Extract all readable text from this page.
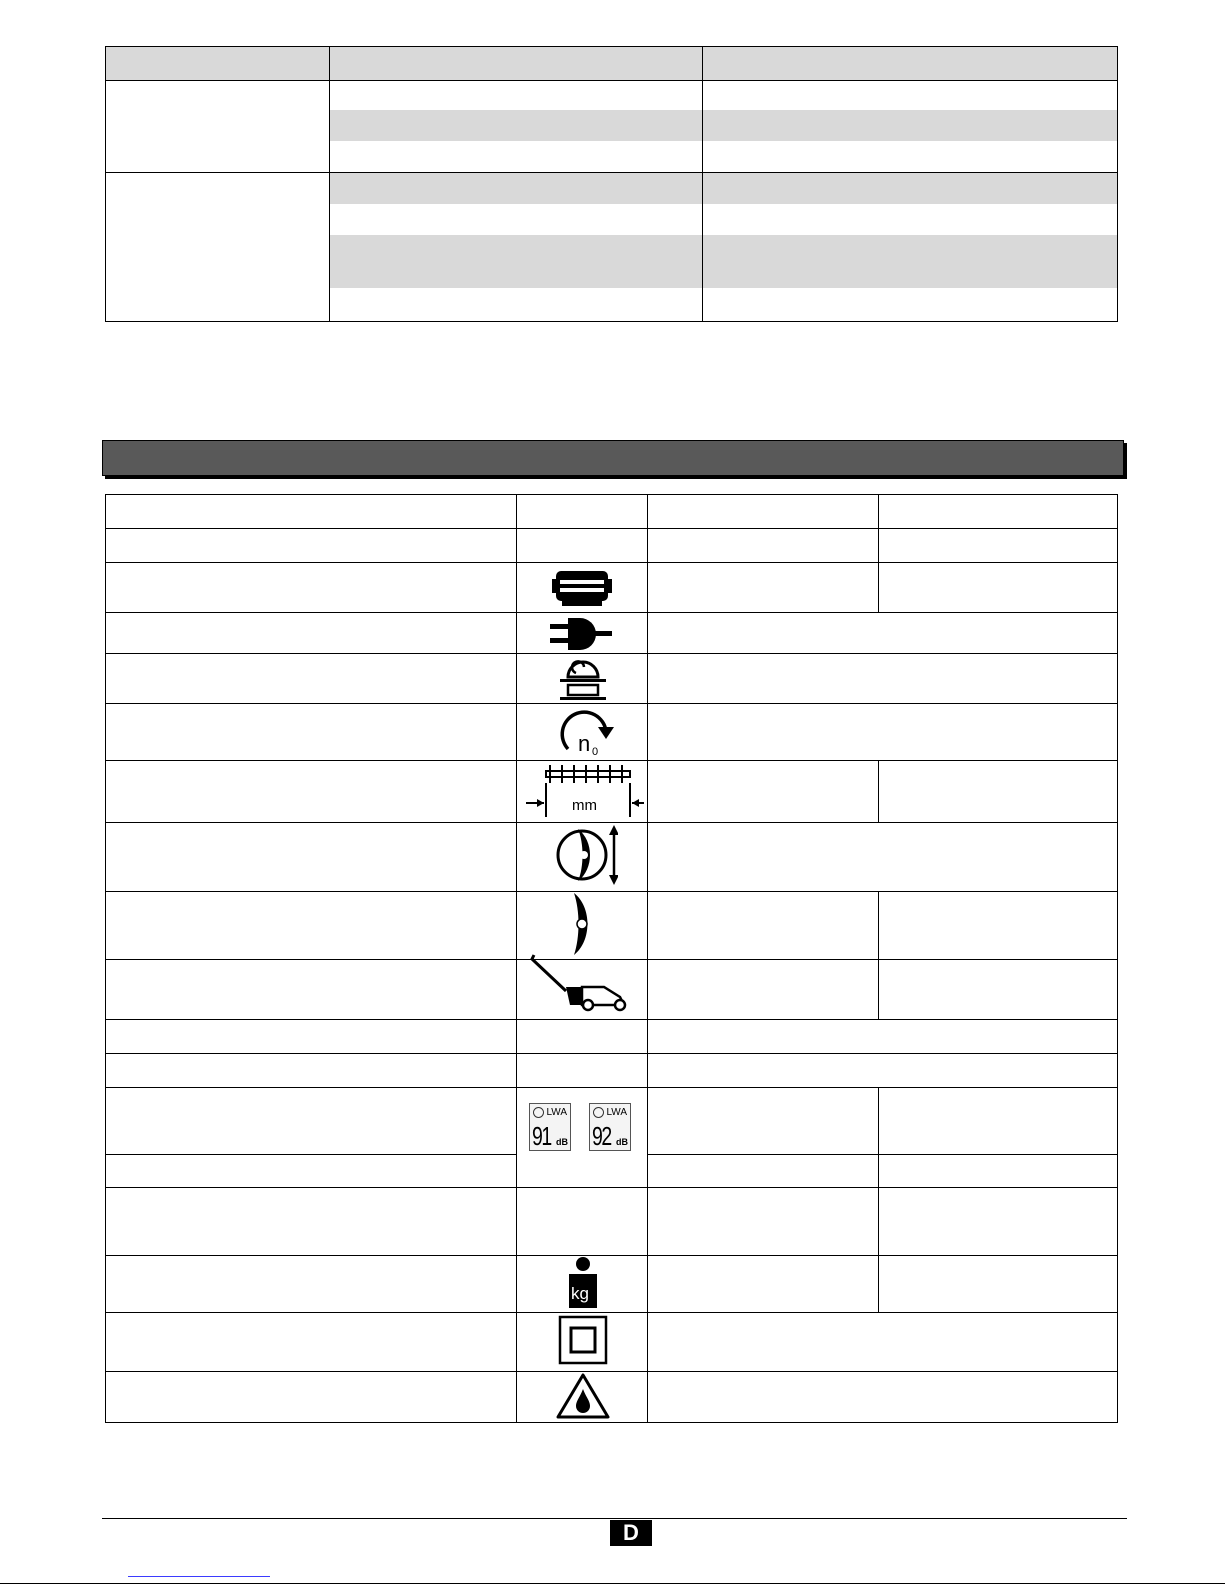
n 0
mm
LWA
91 dB
LWA
92 dB
kg
D
